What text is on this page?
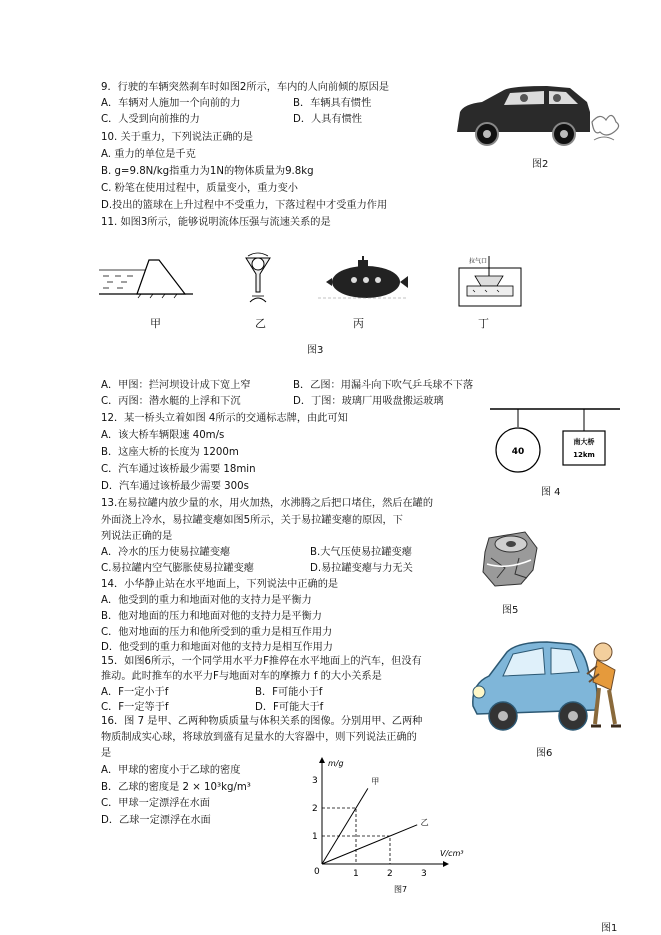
9．行驶的车辆突然刹车时如图2所示，车内的人向前倾的原因是
A．车辆对人施加一个向前的力	B．车辆具有惯性
C．人受到向前推的力	D．人具有惯性
图2
10. 关于重力，下列说法正确的是
A. 重力的单位是千克
B. g=9.8N/kg指重力为1N的物体质量为9.8kg
C. 粉笔在使用过程中，质量变小，重力变小
D.投出的篮球在上升过程中不受重力，下落过程中才受重力作用
11. 如图3所示，能够说明流体压强与流速关系的是
拉气口
甲	乙	丙	丁
图3
A．甲图：拦河坝设计成下宽上窄	B．乙图：用漏斗向下吹气乒乓球不下落
C．丙图：潜水艇的上浮和下沉	D．丁图：玻璃厂用吸盘搬运玻璃
12．某一桥头立着如图 4所示的交通标志牌，由此可知
A．该大桥车辆限速 40m/s
B．这座大桥的长度为 1200m
C．汽车通过该桥最少需要 18min
D．汽车通过该桥最少需要 300s
40
南大桥
12km
图 4
13.在易拉罐内放少量的水，用火加热，水沸腾之后把口堵住，然后在罐的
外面浇上冷水，易拉罐变瘪如图5所示，关于易拉罐变瘪的原因，下
列说法正确的是
A．冷水的压力使易拉罐变瘪	B.大气压使易拉罐变瘪
C.易拉罐内空气膨胀使易拉罐变瘪	D.易拉罐变瘪与力无关
图5
14．小华静止站在水平地面上，下列说法中正确的是
A．他受到的重力和地面对他的支持力是平衡力
B．他对地面的压力和地面对他的支持力是平衡力
C．他对地面的压力和他所受到的重力是相互作用力
D．他受到的重力和地面对他的支持力是相互作用力
15．如图6所示，一个同学用水平力F推停在水平地面上的汽车，但没有
推动。此时推车的水平力F与地面对车的摩擦力 f 的大小关系是
A．F一定小于f	B．F可能小于f
C．F一定等于f	D．F可能大于f
图6
16．图 7 是甲、乙两种物质质量与体积关系的图像。分别用甲、乙两种
物质制成实心球，将球放到盛有足量水的大容器中，则下列说法正确的
是
A．甲球的密度小于乙球的密度
B．乙球的密度是 2 × 10³kg/m³
C．甲球一定漂浮在水面
D．乙球一定漂浮在水面
m/g
V/cm³
0	1	2	3
1
2
3	甲
乙
图7
图1
